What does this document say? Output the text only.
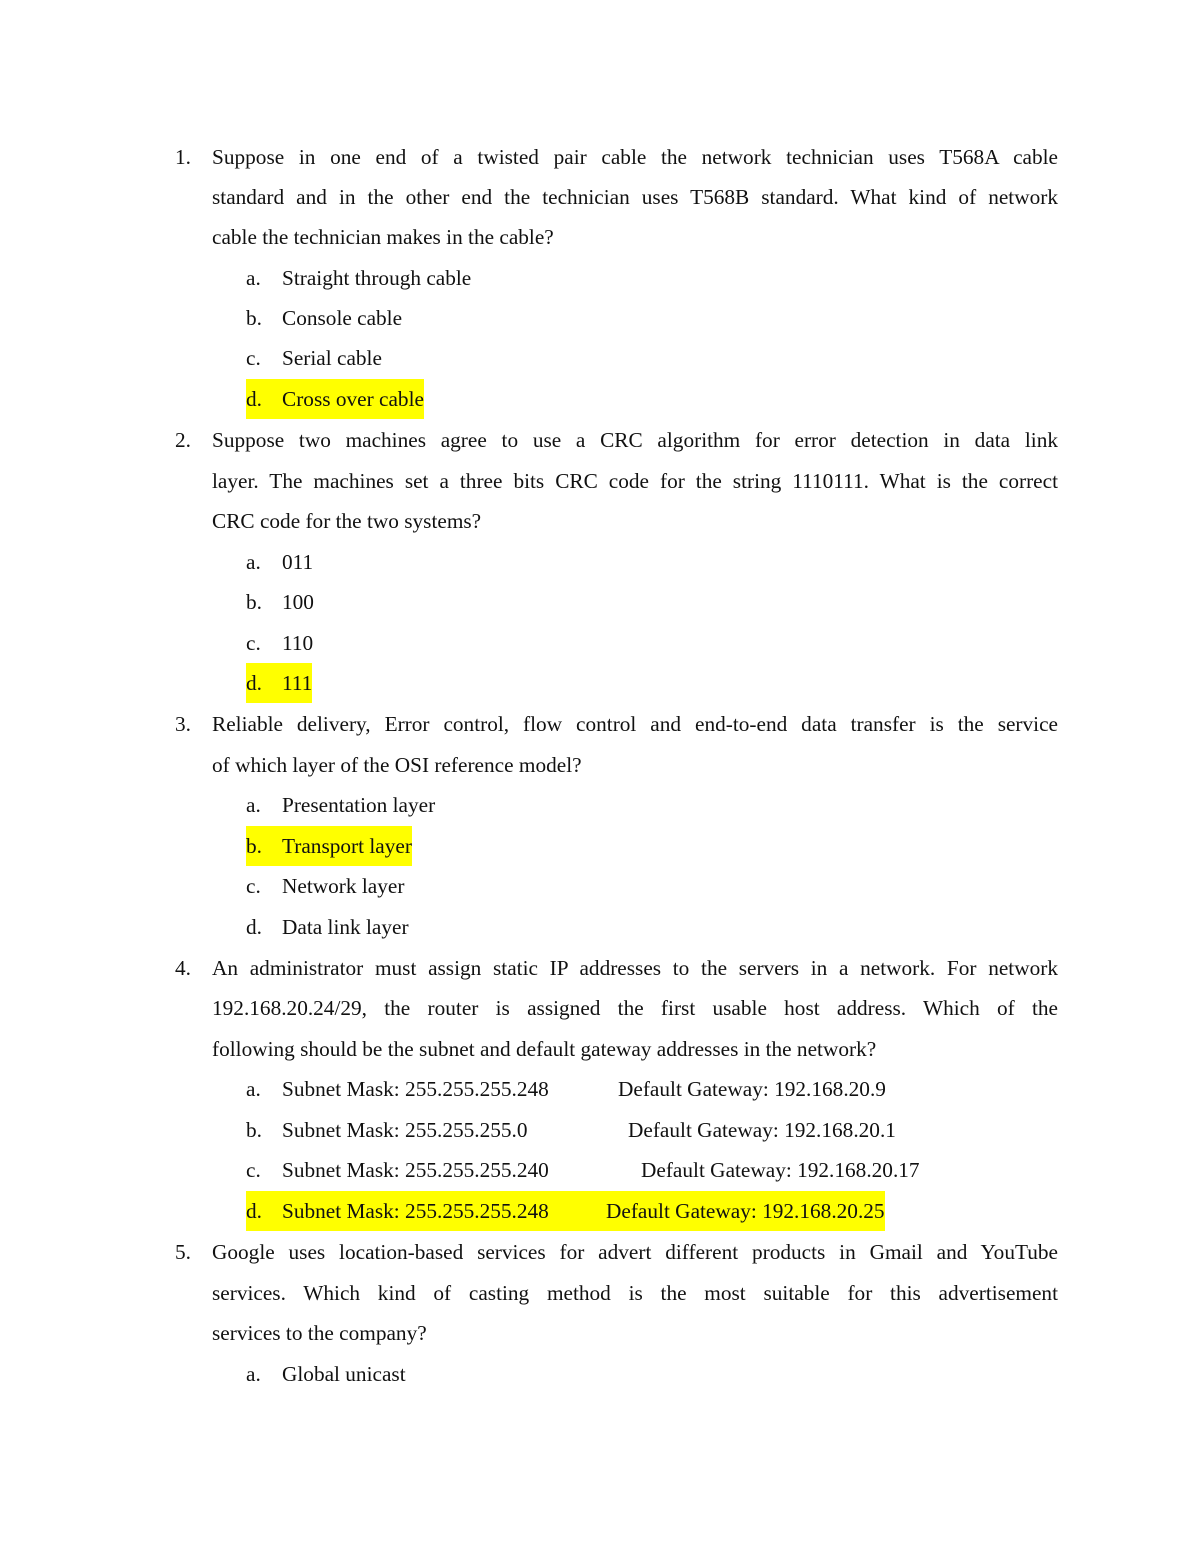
1. Suppose in one end of a twisted pair cable the network technician uses T568A cable
standard and in the other end the technician uses T568B standard. What kind of network
cable the technician makes in the cable?
a. Straight through cable
b. Console cable
c. Serial cable
d. Cross over cable
2. Suppose two machines agree to use a CRC algorithm for error detection in data link
layer. The machines set a three bits CRC code for the string 1110111. What is the correct
CRC code for the two systems?
a. 011
b. 100
c. 110
d. 111
3. Reliable delivery, Error control, flow control and end-to-end data transfer is the service
of which layer of the OSI reference model?
a. Presentation layer
b. Transport layer
c. Network layer
d. Data link layer
4. An administrator must assign static IP addresses to the servers in a network. For network
192.168.20.24/29, the router is assigned the first usable host address. Which of the
following should be the subnet and default gateway addresses in the network?
a. Subnet Mask: 255.255.255.248	Default Gateway: 192.168.20.9
b. Subnet Mask: 255.255.255.0	Default Gateway: 192.168.20.1
c. Subnet Mask: 255.255.255.240	Default Gateway: 192.168.20.17
d. Subnet Mask: 255.255.255.248	Default Gateway: 192.168.20.25
5. Google uses location-based services for advert different products in Gmail and YouTube
services. Which kind of casting method is the most suitable for this advertisement
services to the company?
a. Global unicast
